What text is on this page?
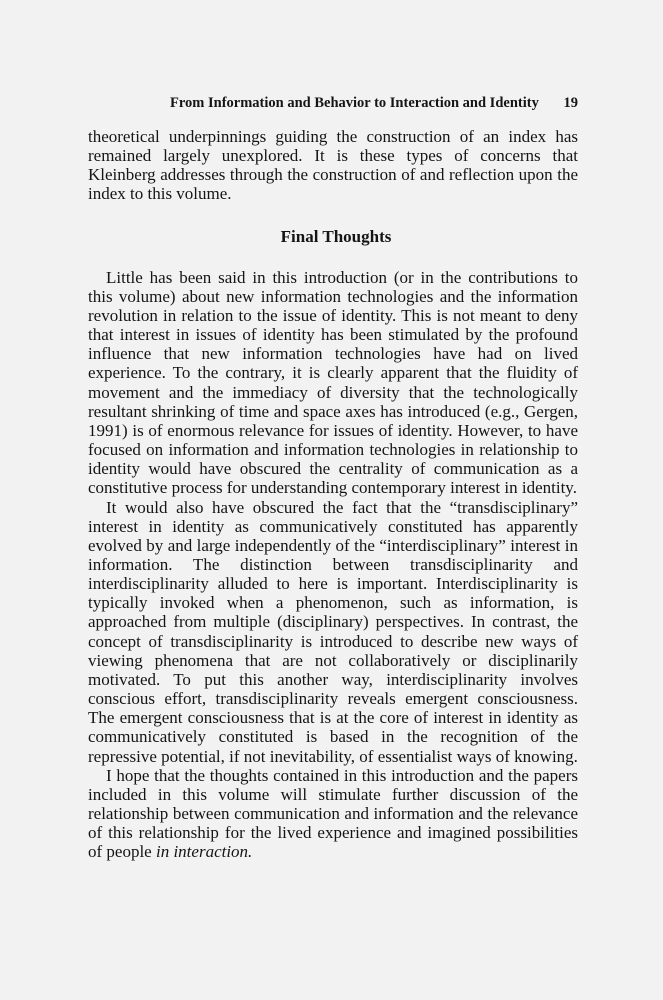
From Information and Behavior to Interaction and Identity 19

theoretical underpinnings guiding the construction of an index has remained largely unexplored. It is these types of concerns that Kleinberg addresses through the construction of and reflection upon the index to this volume.

Final Thoughts

Little has been said in this introduction (or in the contributions to this volume) about new information technologies and the information revolution in relation to the issue of identity. This is not meant to deny that interest in issues of identity has been stimulated by the profound influence that new information technologies have had on lived experience. To the contrary, it is clearly apparent that the fluidity of movement and the immediacy of diversity that the technologically resultant shrinking of time and space axes has introduced (e.g., Gergen, 1991) is of enormous relevance for issues of identity. However, to have focused on information and information technologies in relationship to identity would have obscured the centrality of communication as a constitutive process for understanding contemporary interest in identity.

It would also have obscured the fact that the “transdisciplinary” interest in identity as communicatively constituted has apparently evolved by and large independently of the “interdisciplinary” interest in information. The distinction between transdisciplinarity and interdisciplinarity alluded to here is important. Interdisciplinarity is typically invoked when a phenomenon, such as information, is approached from multiple (disciplinary) perspectives. In contrast, the concept of transdisciplinarity is introduced to describe new ways of viewing phenomena that are not collaboratively or disciplinarily motivated. To put this another way, interdisciplinarity involves conscious effort, transdisciplinarity reveals emergent consciousness. The emergent consciousness that is at the core of interest in identity as communicatively constituted is based in the recognition of the repressive potential, if not inevitability, of essentialist ways of knowing.

I hope that the thoughts contained in this introduction and the papers included in this volume will stimulate further discussion of the relationship between communication and information and the relevance of this relationship for the lived experience and imagined possibilities of people in interaction.
